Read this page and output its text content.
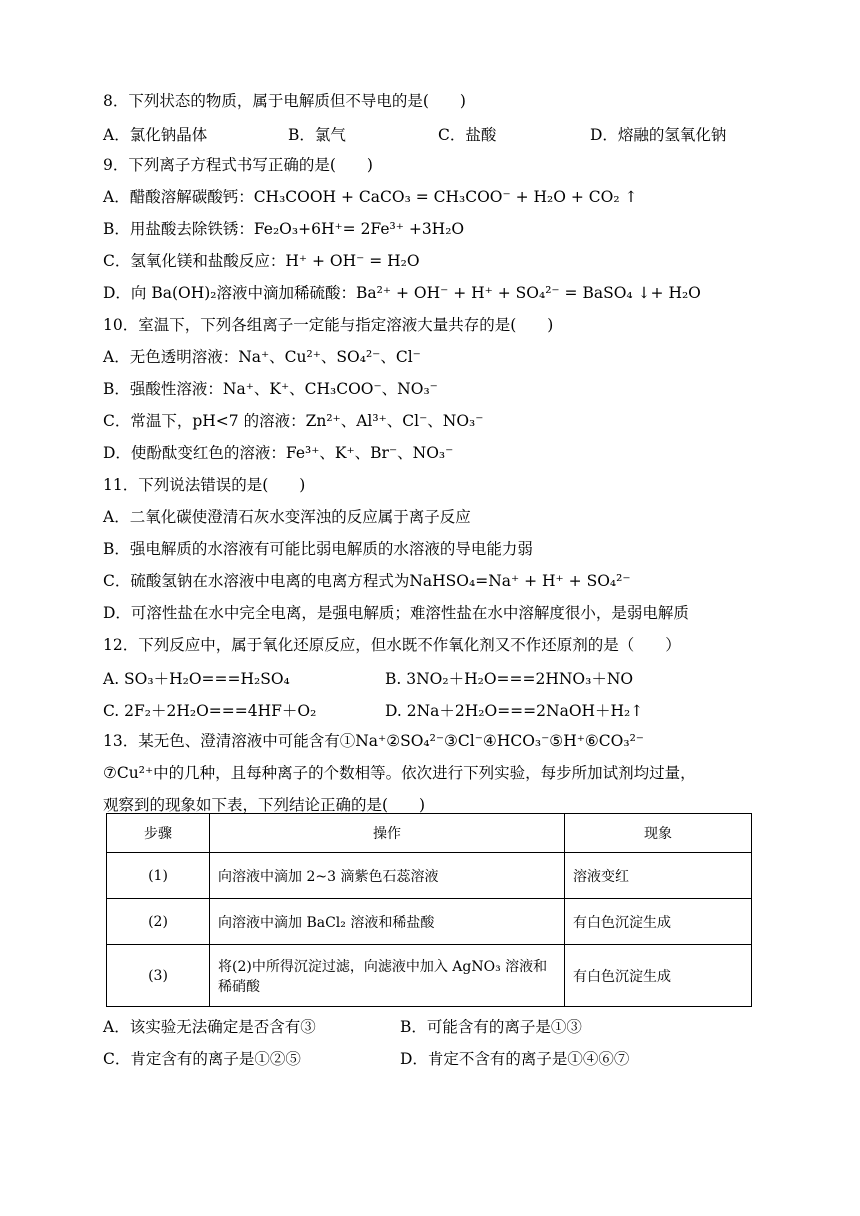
8．下列状态的物质，属于电解质但不导电的是(　　)
A．氯化钠晶体	B．氯气	C．盐酸	D．熔融的氢氧化钠
9．下列离子方程式书写正确的是(　　)
A．醋酸溶解碳酸钙：CH₃COOH + CaCO₃ = CH₃COO⁻ + H₂O + CO₂ ↑
B．用盐酸去除铁锈：Fe₂O₃+6H⁺= 2Fe³⁺ +3H₂O
C．氢氧化镁和盐酸反应：H⁺ + OH⁻ = H₂O
D．向 Ba(OH)₂溶液中滴加稀硫酸：Ba²⁺ + OH⁻ + H⁺ + SO₄²⁻ = BaSO₄ ↓+ H₂O
10．室温下，下列各组离子一定能与指定溶液大量共存的是(　　)
A．无色透明溶液：Na⁺、Cu²⁺、SO₄²⁻、Cl⁻
B．强酸性溶液：Na⁺、K⁺、CH₃COO⁻、NO₃⁻
C．常温下，pH<7 的溶液：Zn²⁺、Al³⁺、Cl⁻、NO₃⁻
D．使酚酞变红色的溶液：Fe³⁺、K⁺、Br⁻、NO₃⁻
11．下列说法错误的是(　　)
A．二氧化碳使澄清石灰水变浑浊的反应属于离子反应
B．强电解质的水溶液有可能比弱电解质的水溶液的导电能力弱
C．硫酸氢钠在水溶液中电离的电离方程式为NaHSO₄=Na⁺ + H⁺ + SO₄²⁻
D．可溶性盐在水中完全电离，是强电解质；难溶性盐在水中溶解度很小，是弱电解质
12．下列反应中，属于氧化还原反应，但水既不作氧化剂又不作还原剂的是（　　）
A. SO₃＋H₂O===H₂SO₄	B. 3NO₂＋H₂O===2HNO₃＋NO
C. 2F₂＋2H₂O===4HF＋O₂	D. 2Na＋2H₂O===2NaOH＋H₂↑
13．某无色、澄清溶液中可能含有①Na⁺②SO₄²⁻③Cl⁻④HCO₃⁻⑤H⁺⑥CO₃²⁻
⑦Cu²⁺中的几种，且每种离子的个数相等。依次进行下列实验，每步所加试剂均过量，
观察到的现象如下表，下列结论正确的是(　　)
步骤	操作	现象
(1)	向溶液中滴加 2~3 滴紫色石蕊溶液	溶液变红
(2)	向溶液中滴加 BaCl₂ 溶液和稀盐酸	有白色沉淀生成
(3)	将(2)中所得沉淀过滤，向滤液中加入 AgNO₃ 溶液和稀硝酸	有白色沉淀生成
A．该实验无法确定是否含有③	B．可能含有的离子是①③
C．肯定含有的离子是①②⑤	D．肯定不含有的离子是①④⑥⑦
